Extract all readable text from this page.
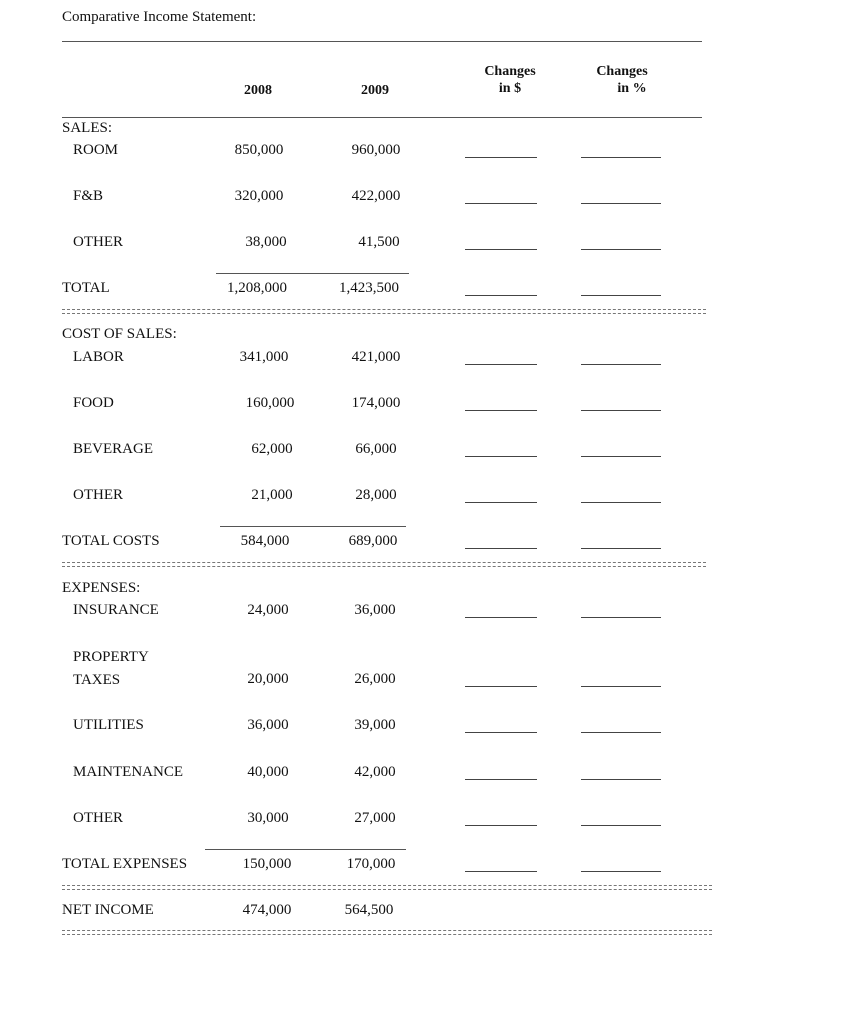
Comparative Income Statement:
2008	2009
Changes
in $
Changes
in %
SALES:
ROOM	850,000	960,000
F&B	320,000	422,000
OTHER	38,000	41,500
TOTAL	1,208,000	1,423,500
COST OF SALES:
LABOR	341,000	421,000
FOOD	160,000	174,000
BEVERAGE	62,000	66,000
OTHER	21,000	28,000
TOTAL COSTS	584,000	689,000
EXPENSES:
INSURANCE	24,000	36,000
PROPERTY
TAXES	20,000	26,000
UTILITIES	36,000	39,000
MAINTENANCE	40,000	42,000
OTHER	30,000	27,000
TOTAL EXPENSES	150,000	170,000
NET INCOME	474,000	564,500
